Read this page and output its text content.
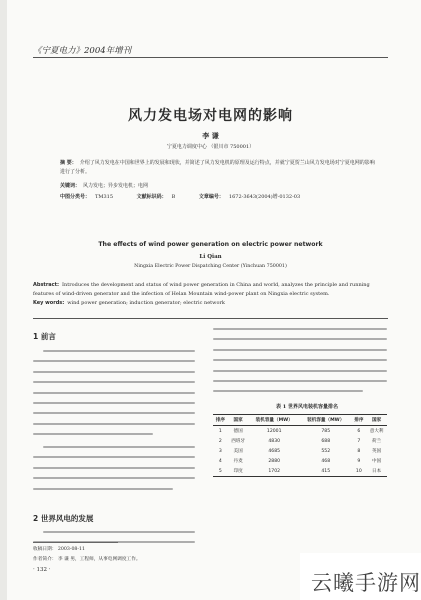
《宁夏电力》2004年增刊
风力发电场对电网的影响
李 谦
宁夏电力调度中心 （银川市 750001）
摘 要： 介绍了风力发电在中国和世界上的发展和现状，并简述了风力发电机的原理及运行特点，并就宁夏贺兰山风力发电场对宁夏电网的影响进行了分析。
关键词： 风力发电；异步发电机；电网
中图分类号： TM315	文献标识码： B	文章编号： 1672-3643(2004)增-0132-03
The effects of wind power generation on electric power network
Li Qian
Ningxia Electric Power Dispatching Center (Yinchuan 750001)
Abstract: Introduces the development and status of wind power generation in China and world, analyzes the principle and running features of wind-driven generator and the infection of Helan Mountain wind-power plant on Ningxia electric system.
Key words: wind power generation; induction generator; electric network
1 前言
2 世界风电的发展
表 1 世界风电装机容量排名
排序	国家	装机容量（MW）	装机容量（MW）	排序	国家
1	德国	12001	785	6	意大利
2	西班牙	4830	688	7	荷兰
3	美国	4685	552	8	英国
4	丹麦	2880	468	9	中国
5	印度	1702	415	10	日本
收稿日期： 2003-08-11
作者简介： 李 谦 男，工程师，从事电网调度工作。
· 132 ·
云曦手游网
